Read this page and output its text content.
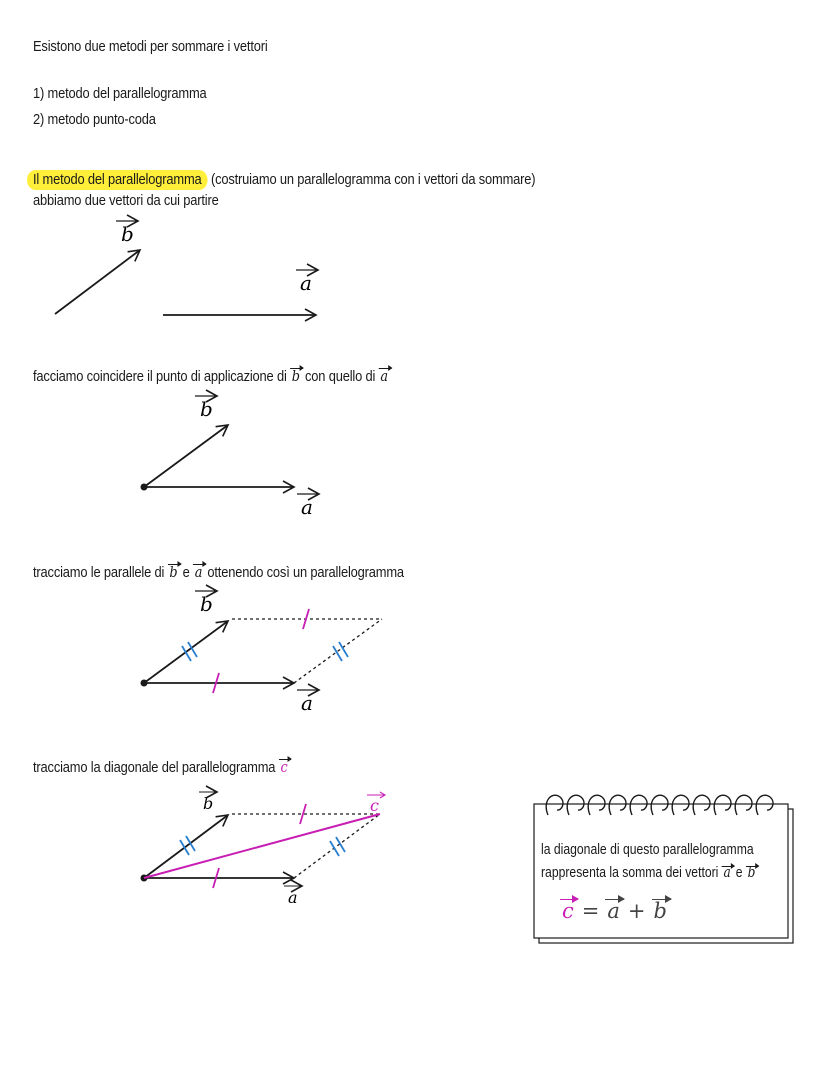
Esistono due metodi per sommare i vettori
1) metodo del parallelogramma
2) metodo punto-coda
Il metodo del parallelogramma (costruiamo un parallelogramma con i vettori da sommare)
abbiamo due vettori da cui partire
facciamo coincidere il punto di applicazione di b con quello di a
tracciamo le parallele di b e a ottenendo così un parallelogramma
tracciamo la diagonale del parallelogramma c
b
a
b
a
b
a
b
a
c
la diagonale di questo parallelogramma
rappresenta la somma dei vettori a e b
c = a + b
